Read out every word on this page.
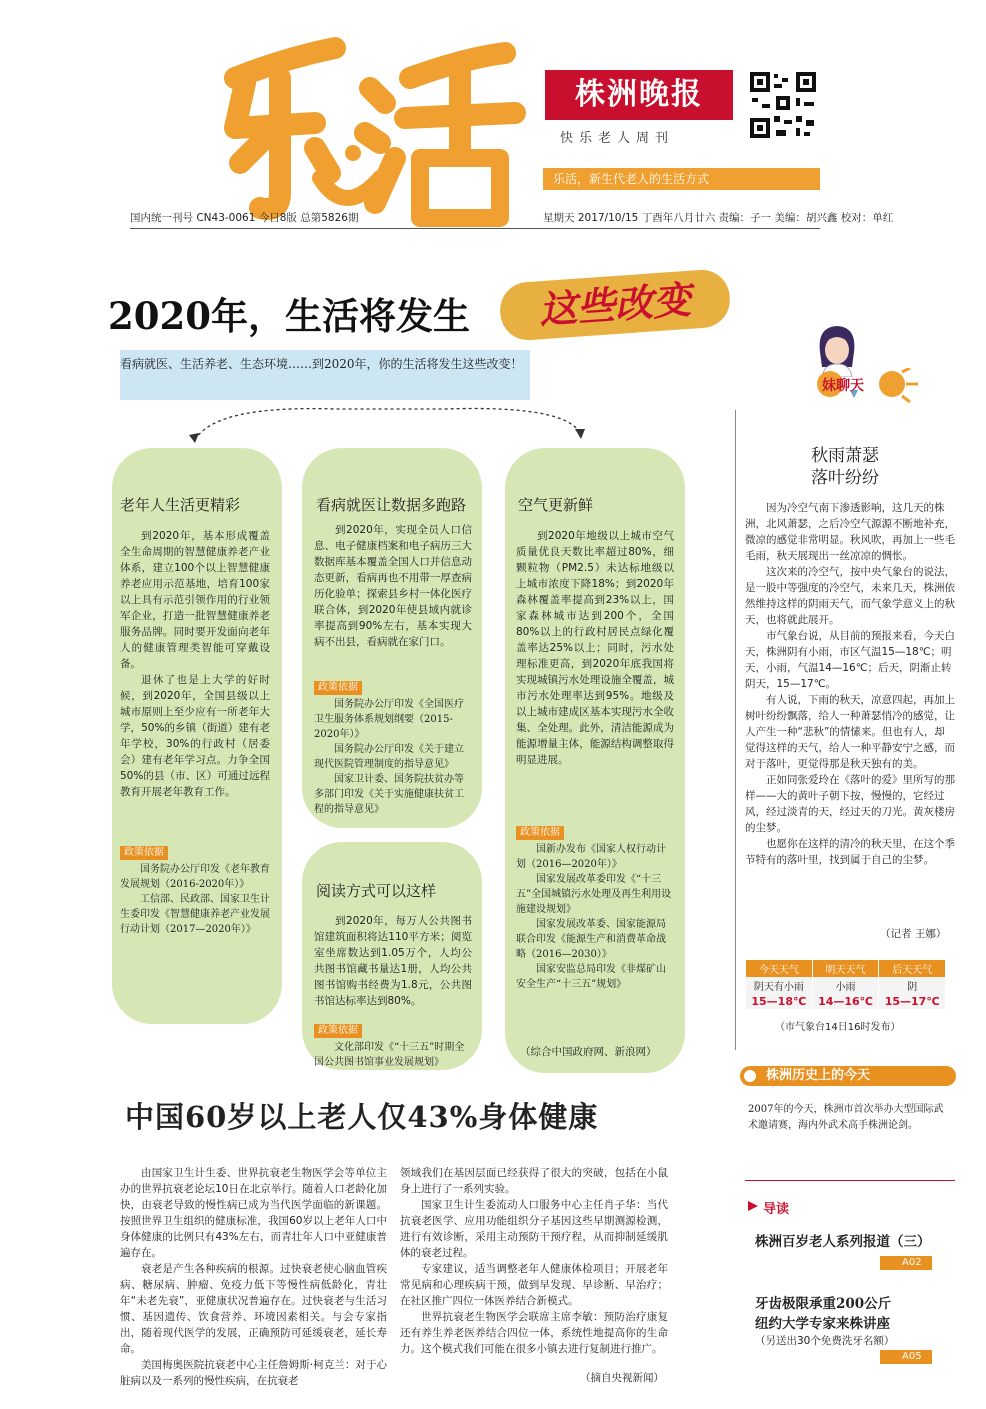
株洲晚报
快乐老人周刊
乐活，新生代老人的生活方式
国内统一刊号 CN43-0061 今日8版 总第5826期	星期天 2017/10/15 丁酉年八月廿六 责编：子一 美编：胡兴鑫 校对：单红
这些改变
2020年，生活将发生
看病就医、生活养老、生态环境……到2020年，你的生活将发生这些改变！
老年人生活更精彩

到2020年，基本形成覆盖全生命周期的智慧健康养老产业体系，建立100个以上智慧健康养老应用示范基地，培育100家以上具有示范引领作用的行业领军企业，打造一批智慧健康养老服务品牌。同时要开发面向老年人的健康管理类智能可穿戴设备。

退休了也是上大学的好时候，到2020年，全国县级以上城市原则上至少应有一所老年大学，50%的乡镇（街道）建有老年学校，30%的行政村（居委会）建有老年学习点。力争全国50%的县（市、区）可通过远程教育开展老年教育工作。

政策依据

国务院办公厅印发《老年教育发展规划（2016-2020年）》

工信部、民政部、国家卫生计生委印发《智慧健康养老产业发展行动计划（2017—2020年）》

看病就医让数据多跑路

到2020年，实现全员人口信息、电子健康档案和电子病历三大数据库基本覆盖全国人口并信息动态更新，看病再也不用带一厚查病历化验单；探索县乡村一体化医疗联合体，到2020年使县域内就诊率提高到90%左右，基本实现大病不出县，看病就在家门口。

政策依据

国务院办公厅印发《全国医疗卫生服务体系规划纲要（2015-2020年）》

国务院办公厅印发《关于建立现代医院管理制度的指导意见》

国家卫计委、国务院扶贫办等多部门印发《关于实施健康扶贫工程的指导意见》

阅读方式可以这样

到2020年，每万人公共图书馆建筑面积将达110平方米；阅览室坐席数达到1.05万个，人均公共图书馆藏书量达1册，人均公共图书馆购书经费为1.8元，公共图书馆达标率达到80%。

政策依据

文化部印发《“十三五”时期全国公共图书馆事业发展规划》

空气更新鲜

到2020年地级以上城市空气质量优良天数比率超过80%，细颗粒物（PM2.5）未达标地级以上城市浓度下降18%；到2020年森林覆盖率提高到23%以上，国家森林城市达到200个，全国80%以上的行政村居民点绿化覆盖率达25%以上；同时，污水处理标准更高，到2020年底我国将实现城镇污水处理设施全覆盖，城市污水处理率达到95%。地级及以上城市建成区基本实现污水全收集、全处理。此外，清洁能源成为能源增量主体，能源结构调整取得明显进展。

政策依据

国新办发布《国家人权行动计划（2016—2020年）》

国家发展改革委印发《“十三五”全国城镇污水处理及再生利用设施建设规划》

国家发展改革委、国家能源局联合印发《能源生产和消费革命战略（2016—2030）》

国家安监总局印发《非煤矿山安全生产“十三五”规划》

（综合中国政府网、新浪网）
妹聊天
秋雨萧瑟
落叶纷纷

因为冷空气南下渗透影响，这几天的株洲，北风萧瑟，之后冷空气源源不断地补充，微凉的感觉非常明显。秋风吹，再加上一些毛毛雨，秋天展现出一丝凉凉的惆怅。

这次来的冷空气，按中央气象台的说法，是一股中等强度的冷空气，未来几天，株洲依然维持这样的阴雨天气，而气象学意义上的秋天，也将就此展开。

市气象台说，从目前的预报来看，今天白天，株洲阴有小雨，市区气温15—18℃；明天，小雨，气温14—16℃；后天，阴渐止转阴天，15—17℃。

有人说，下雨的秋天，凉意四起，再加上树叶纷纷飘落，给人一种萧瑟悄冷的感觉，让人产生一种“悲秋”的情愫来。但也有人，却觉得这样的天气，给人一种平静安宁之感，而对于落叶，更觉得那是秋天独有的美。

正如同张爱玲在《落叶的爱》里所写的那样——大的黄叶子朝下按，慢慢的，它经过风，经过淡青的天，经过天的刀光。黄灰楼房的尘梦。

也愿你在这样的清冷的秋天里，在这个季节特有的落叶里，找到属于自己的尘梦。

（记者 王娜）
今天天气	明天天气	后天天气
阴天有小雨	小雨	阴
15—18℃	14—16℃	15—17℃
（市气象台14日16时发布）
株洲历史上的今天
2007年的今天，株洲市首次举办大型国际武术邀请赛，海内外武术高手株洲论剑。
导读
株洲百岁老人系列报道（三）
A02
牙齿极限承重200公斤
纽约大学专家来株讲座
（另送出30个免费洗牙名额）
A05
中国60岁以上老人仅43%身体健康

由国家卫生计生委、世界抗衰老生物医学会等单位主办的世界抗衰老论坛10日在北京举行。随着人口老龄化加快，由衰老导致的慢性病已成为当代医学面临的新课题。按照世界卫生组织的健康标准，我国60岁以上老年人口中身体健康的比例只有43%左右，而青壮年人口中亚健康普遍存在。

衰老是产生各种疾病的根源。过快衰老使心脑血管疾病、糖尿病、肿瘤、免疫力低下等慢性病低龄化，青壮年“未老先衰”，亚健康状况普遍存在。过快衰老与生活习惯、基因遗传、饮食营养、环境因素相关。与会专家指出，随着现代医学的发展，正确预防可延缓衰老，延长寿命。

美国梅奥医院抗衰老中心主任詹姆斯·柯克兰：对于心脏病以及一系列的慢性疾病，在抗衰老

领域我们在基因层面已经获得了很大的突破，包括在小鼠身上进行了一系列实验。

国家卫生计生委流动人口服务中心主任肖子华：当代抗衰老医学、应用功能组织分子基因这些早期测源检测，进行有效诊断，采用主动预防干预疗程，从而抑制延缓肌体的衰老过程。

专家建议，适当调整老年人健康体检项目；开展老年常见病和心理疾病干预，做到早发现、早诊断、早治疗；在社区推广四位一体医养结合新模式。

世界抗衰老生物医学会联席主席李敏：预防治疗康复还有养生养老医养结合四位一体，系统性地提高你的生命力。这个模式我们可能在很多小镇去进行复制进行推广。

（摘自央视新闻）
